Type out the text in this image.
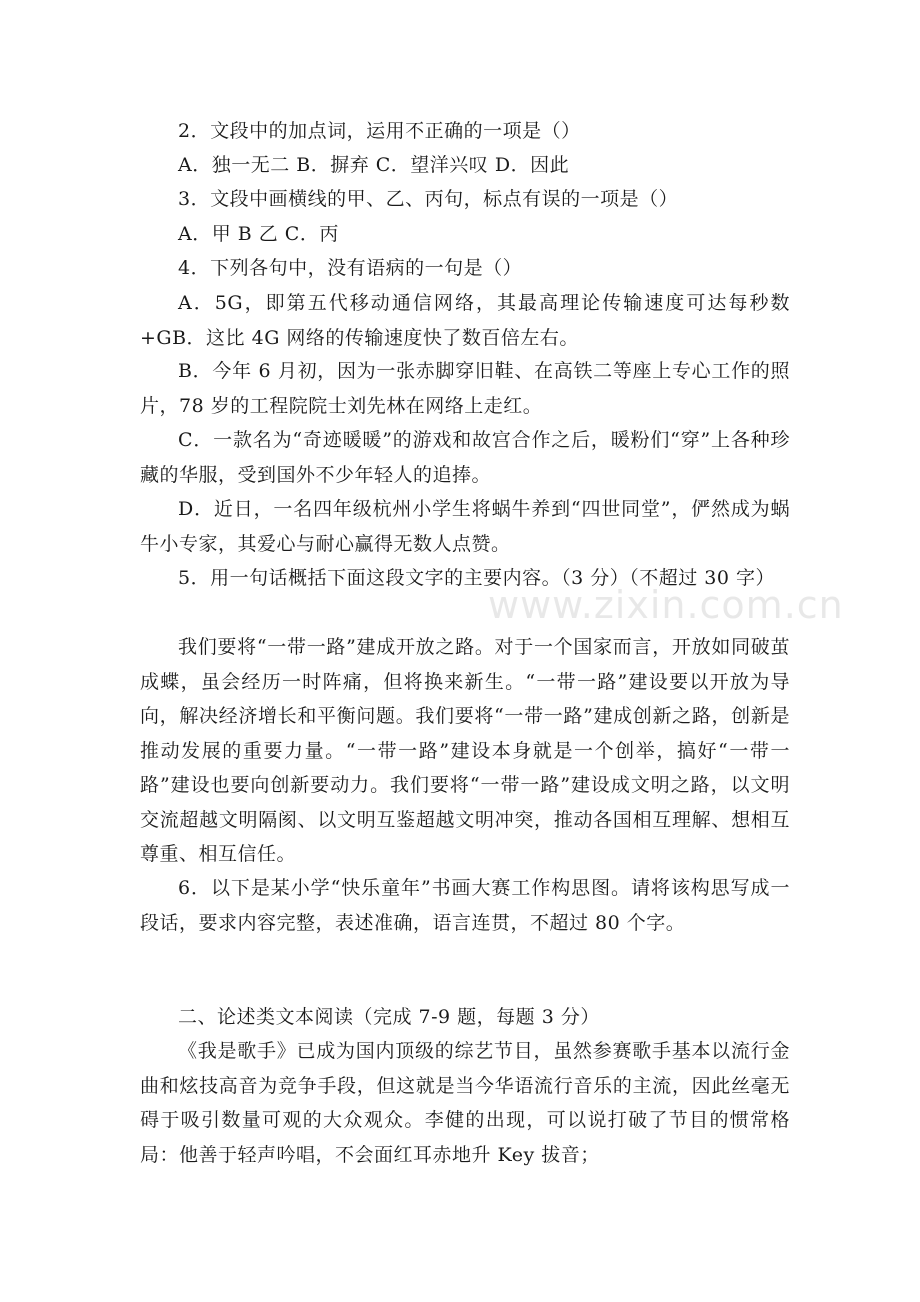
www.zixin.com.cn

2．文段中的加点词，运用不正确的一项是（）

A．独一无二 B．摒弃 C．望洋兴叹 D．因此

3．文段中画横线的甲、乙、丙句，标点有误的一项是（）

A．甲 B 乙 C．丙

4．下列各句中，没有语病的一句是（）

A．5G，即第五代移动通信网络，其最高理论传输速度可达每秒数+GB．这比 4G 网络的传输速度快了数百倍左右。

B．今年 6 月初，因为一张赤脚穿旧鞋、在高铁二等座上专心工作的照片，78 岁的工程院院士刘先林在网络上走红。

C．一款名为“奇迹暖暖”的游戏和故宫合作之后，暖粉们“穿”上各种珍藏的华服，受到国外不少年轻人的追捧。

D．近日，一名四年级杭州小学生将蜗牛养到“四世同堂”，俨然成为蜗牛小专家，其爱心与耐心赢得无数人点赞。

5．用一句话概括下面这段文字的主要内容。（3 分）（不超过 30 字）

我们要将“一带一路”建成开放之路。对于一个国家而言，开放如同破茧成蝶，虽会经历一时阵痛，但将换来新生。“一带一路”建设要以开放为导向，解决经济增长和平衡问题。我们要将“一带一路”建成创新之路，创新是推动发展的重要力量。“一带一路”建设本身就是一个创举，搞好“一带一路”建设也要向创新要动力。我们要将“一带一路”建设成文明之路，以文明交流超越文明隔阂、以文明互鉴超越文明冲突，推动各国相互理解、想相互尊重、相互信任。

6．以下是某小学“快乐童年”书画大赛工作构思图。请将该构思写成一段话，要求内容完整，表述准确，语言连贯，不超过 80 个字。

二、论述类文本阅读（完成 7-9 题，每题 3 分）

《我是歌手》已成为国内顶级的综艺节目，虽然参赛歌手基本以流行金曲和炫技高音为竞争手段，但这就是当今华语流行音乐的主流，因此丝毫无碍于吸引数量可观的大众观众。李健的出现，可以说打破了节目的惯常格局：他善于轻声吟唱，不会面红耳赤地升 Key 拔音；
